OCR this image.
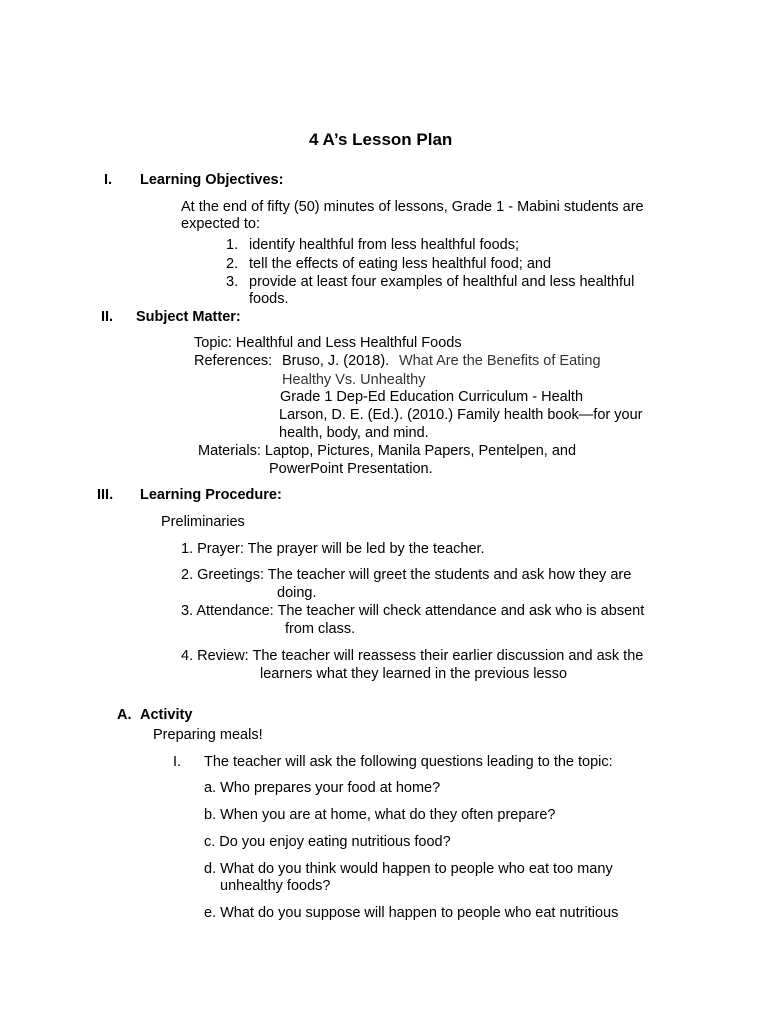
4 A’s Lesson Plan
I. Learning Objectives:
At the end of fifty (50) minutes of lessons, Grade 1 - Mabini students are
expected to:
1. identify healthful from less healthful foods;
2. tell the effects of eating less healthful food; and
3. provide at least four examples of healthful and less healthful
foods.
II. Subject Matter:
Topic: Healthful and Less Healthful Foods
References: Bruso, J. (2018). What Are the Benefits of Eating
Healthy Vs. Unhealthy
Grade 1 Dep-Ed Education Curriculum - Health
Larson, D. E. (Ed.). (2010.) Family health book—for your
health, body, and mind.
Materials: Laptop, Pictures, Manila Papers, Pentelpen, and
PowerPoint Presentation.
III. Learning Procedure:
Preliminaries
1. Prayer: The prayer will be led by the teacher.
2. Greetings: The teacher will greet the students and ask how they are
doing.
3. Attendance: The teacher will check attendance and ask who is absent
from class.
4. Review: The teacher will reassess their earlier discussion and ask the
learners what they learned in the previous lesso
A. Activity
Preparing meals!
I. The teacher will ask the following questions leading to the topic:
a. Who prepares your food at home?
b. When you are at home, what do they often prepare?
c. Do you enjoy eating nutritious food?
d. What do you think would happen to people who eat too many
unhealthy foods?
e. What do you suppose will happen to people who eat nutritious
